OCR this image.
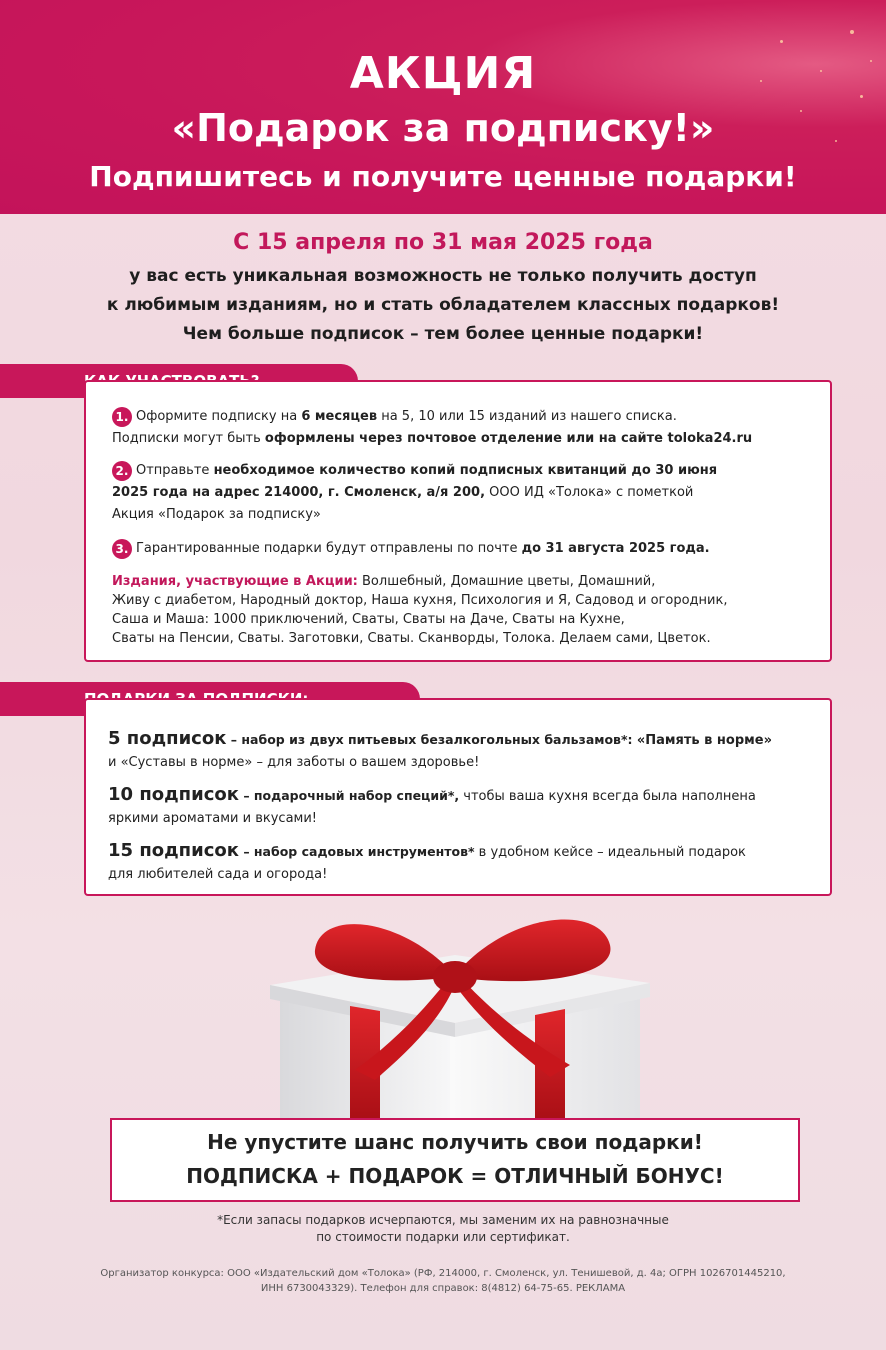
АКЦИЯ
«Подарок за подписку!»
Подпишитесь и получите ценные подарки!
С 15 апреля по 31 мая 2025 года
у вас есть уникальная возможность не только получить доступ
к любимым изданиям, но и стать обладателем классных подарков!
Чем больше подписок – тем более ценные подарки!
1. Оформите подписку на 6 месяцев на 5, 10 или 15 изданий из нашего списка.
Подписки могут быть оформлены через почтовое отделение или на сайте toloka24.ru
2. Отправьте необходимое количество копий подписных квитанций до 30 июня
2025 года на адрес 214000, г. Смоленск, а/я 200, ООО ИД «Толока» с пометкой
Акция «Подарок за подписку»
3. Гарантированные подарки будут отправлены по почте до 31 августа 2025 года.
Издания, участвующие в Акции: Волшебный, Домашние цветы, Домашний,
Живу с диабетом, Народный доктор, Наша кухня, Психология и Я, Садовод и огородник,
Саша и Маша: 1000 приключений, Сваты, Сваты на Даче, Сваты на Кухне,
Сваты на Пенсии, Сваты. Заготовки, Сваты. Сканворды, Толока. Делаем сами, Цветок.
5 подписок – набор из двух питьевых безалкогольных бальзамов*: «Память в норме»
и «Суставы в норме» – для заботы о вашем здоровье!
10 подписок – подарочный набор специй*, чтобы ваша кухня всегда была наполнена
яркими ароматами и вкусами!
15 подписок – набор садовых инструментов* в удобном кейсе – идеальный подарок
для любителей сада и огорода!
Не упустите шанс получить свои подарки!
ПОДПИСКА + ПОДАРОК = ОТЛИЧНЫЙ БОНУС!
*Если запасы подарков исчерпаются, мы заменим их на равнозначные
по стоимости подарки или сертификат.
Организатор конкурса: ООО «Издательский дом «Толока» (РФ, 214000, г. Смоленск, ул. Тенишевой, д. 4а; ОГРН 1026701445210,
ИНН 6730043329). Телефон для справок: 8(4812) 64-75-65. РЕКЛАМА
